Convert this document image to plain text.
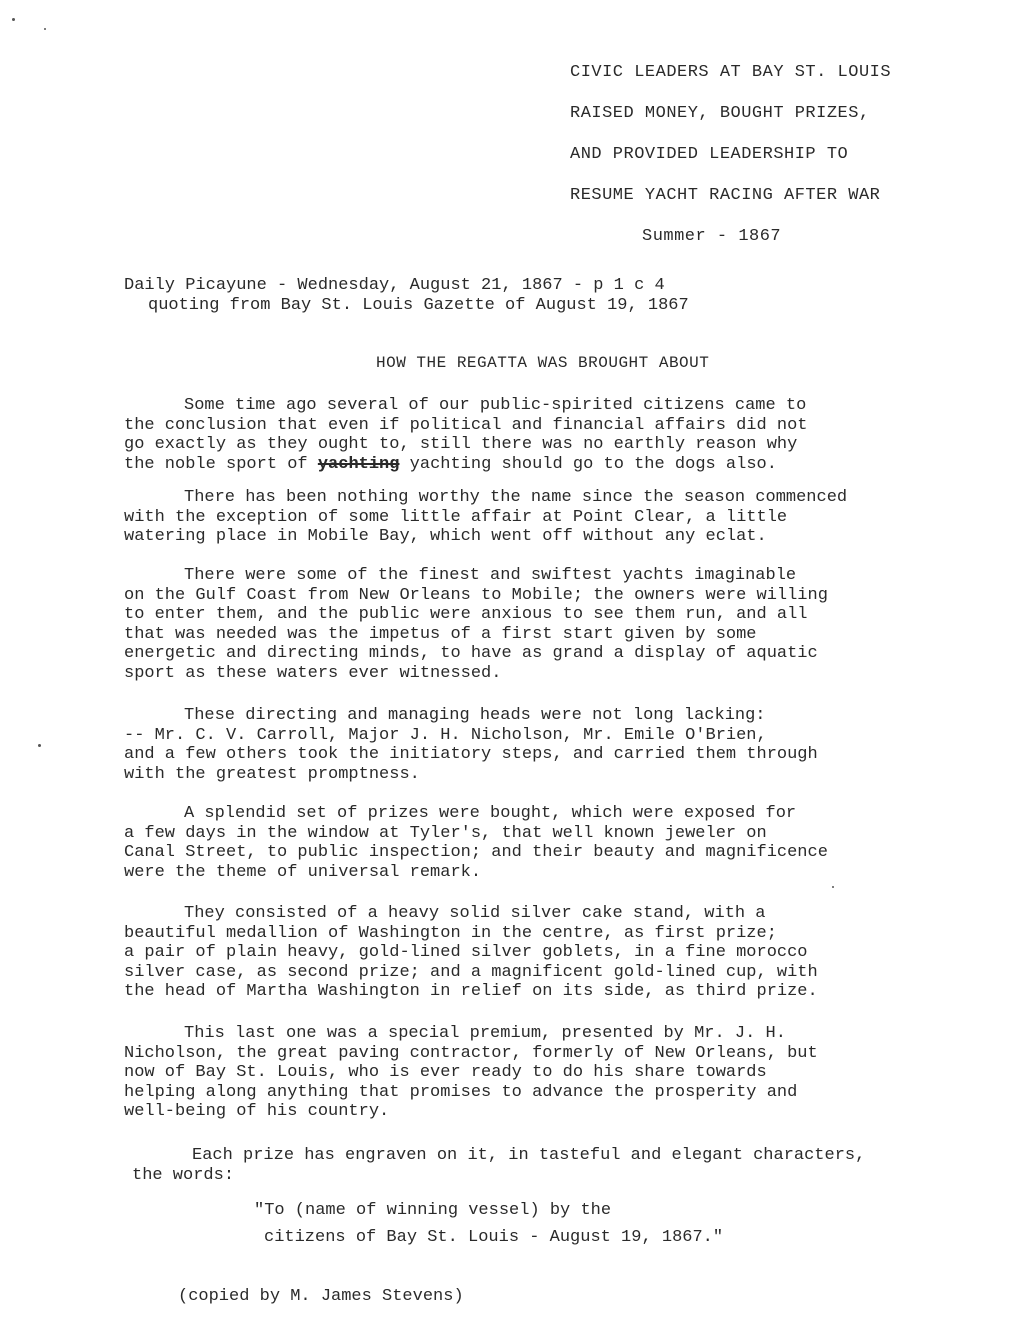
CIVIC LEADERS AT BAY ST. LOUIS
RAISED MONEY, BOUGHT PRIZES,
AND PROVIDED LEADERSHIP TO
RESUME YACHT RACING AFTER WAR
Summer - 1867
Daily Picayune - Wednesday, August 21, 1867 - p 1 c 4
quoting from Bay St. Louis Gazette of August 19, 1867
HOW THE REGATTA WAS BROUGHT ABOUT
Some time ago several of our public-spirited citizens came to
the conclusion that even if political and financial affairs did not
go exactly as they ought to, still there was no earthly reason why
the noble sport of yachting yachting should go to the dogs also.
There has been nothing worthy the name since the season commenced
with the exception of some little affair at Point Clear, a little
watering place in Mobile Bay, which went off without any eclat.
There were some of the finest and swiftest yachts imaginable
on the Gulf Coast from New Orleans to Mobile; the owners were willing
to enter them, and the public were anxious to see them run, and all
that was needed was the impetus of a first start given by some
energetic and directing minds, to have as grand a display of aquatic
sport as these waters ever witnessed.
These directing and managing heads were not long lacking:
-- Mr. C. V. Carroll, Major J. H. Nicholson, Mr. Emile O'Brien,
and a few others took the initiatory steps, and carried them through
with the greatest promptness.
A splendid set of prizes were bought, which were exposed for
a few days in the window at Tyler's, that well known jeweler on
Canal Street, to public inspection; and their beauty and magnificence
were the theme of universal remark.
They consisted of a heavy solid silver cake stand, with a
beautiful medallion of Washington in the centre, as first prize;
a pair of plain heavy, gold-lined silver goblets, in a fine morocco
silver case, as second prize; and a magnificent gold-lined cup, with
the head of Martha Washington in relief on its side, as third prize.
This last one was a special premium, presented by Mr. J. H.
Nicholson, the great paving contractor, formerly of New Orleans, but
now of Bay St. Louis, who is ever ready to do his share towards
helping along anything that promises to advance the prosperity and
well-being of his country.
Each prize has engraven on it, in tasteful and elegant characters,
the words:
"To (name of winning vessel) by the
citizens of Bay St. Louis - August 19, 1867."
(copied by M. James Stevens)
